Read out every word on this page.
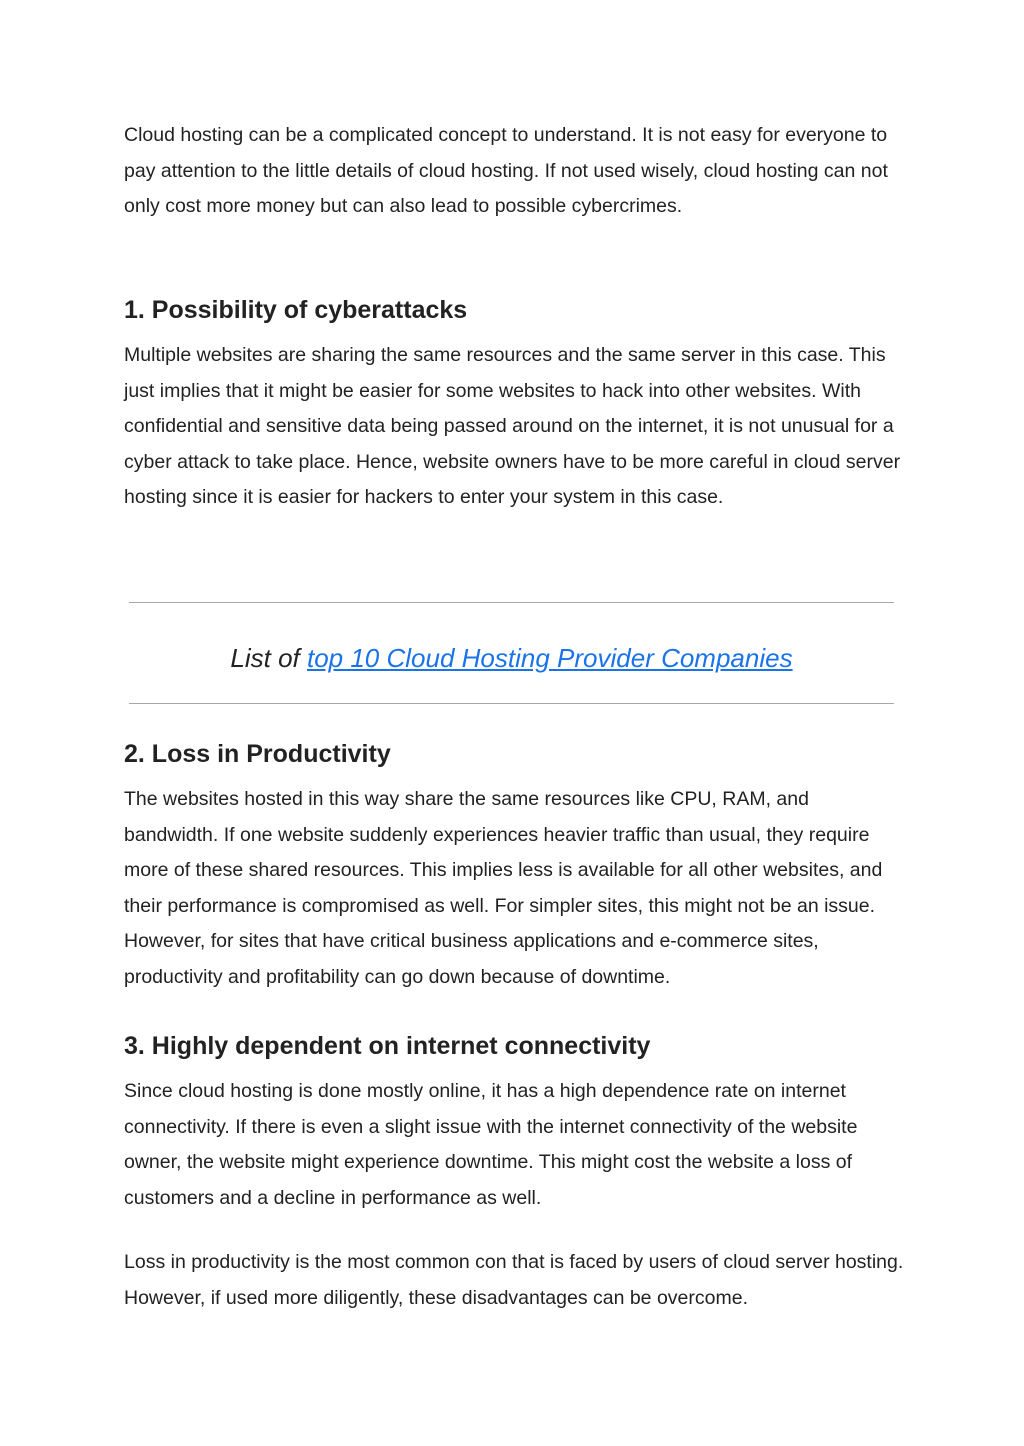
Cloud hosting can be a complicated concept to understand. It is not easy for everyone to pay attention to the little details of cloud hosting. If not used wisely, cloud hosting can not only cost more money but can also lead to possible cybercrimes.

1. Possibility of cyberattacks

Multiple websites are sharing the same resources and the same server in this case. This just implies that it might be easier for some websites to hack into other websites. With confidential and sensitive data being passed around on the internet, it is not unusual for a cyber attack to take place. Hence, website owners have to be more careful in cloud server hosting since it is easier for hackers to enter your system in this case.

List of top 10 Cloud Hosting Provider Companies
2. Loss in Productivity

The websites hosted in this way share the same resources like CPU, RAM, and bandwidth. If one website suddenly experiences heavier traffic than usual, they require more of these shared resources. This implies less is available for all other websites, and their performance is compromised as well. For simpler sites, this might not be an issue. However, for sites that have critical business applications and e-commerce sites, productivity and profitability can go down because of downtime.

3. Highly dependent on internet connectivity

Since cloud hosting is done mostly online, it has a high dependence rate on internet connectivity. If there is even a slight issue with the internet connectivity of the website owner, the website might experience downtime. This might cost the website a loss of customers and a decline in performance as well.

Loss in productivity is the most common con that is faced by users of cloud server hosting. However, if used more diligently, these disadvantages can be overcome.
